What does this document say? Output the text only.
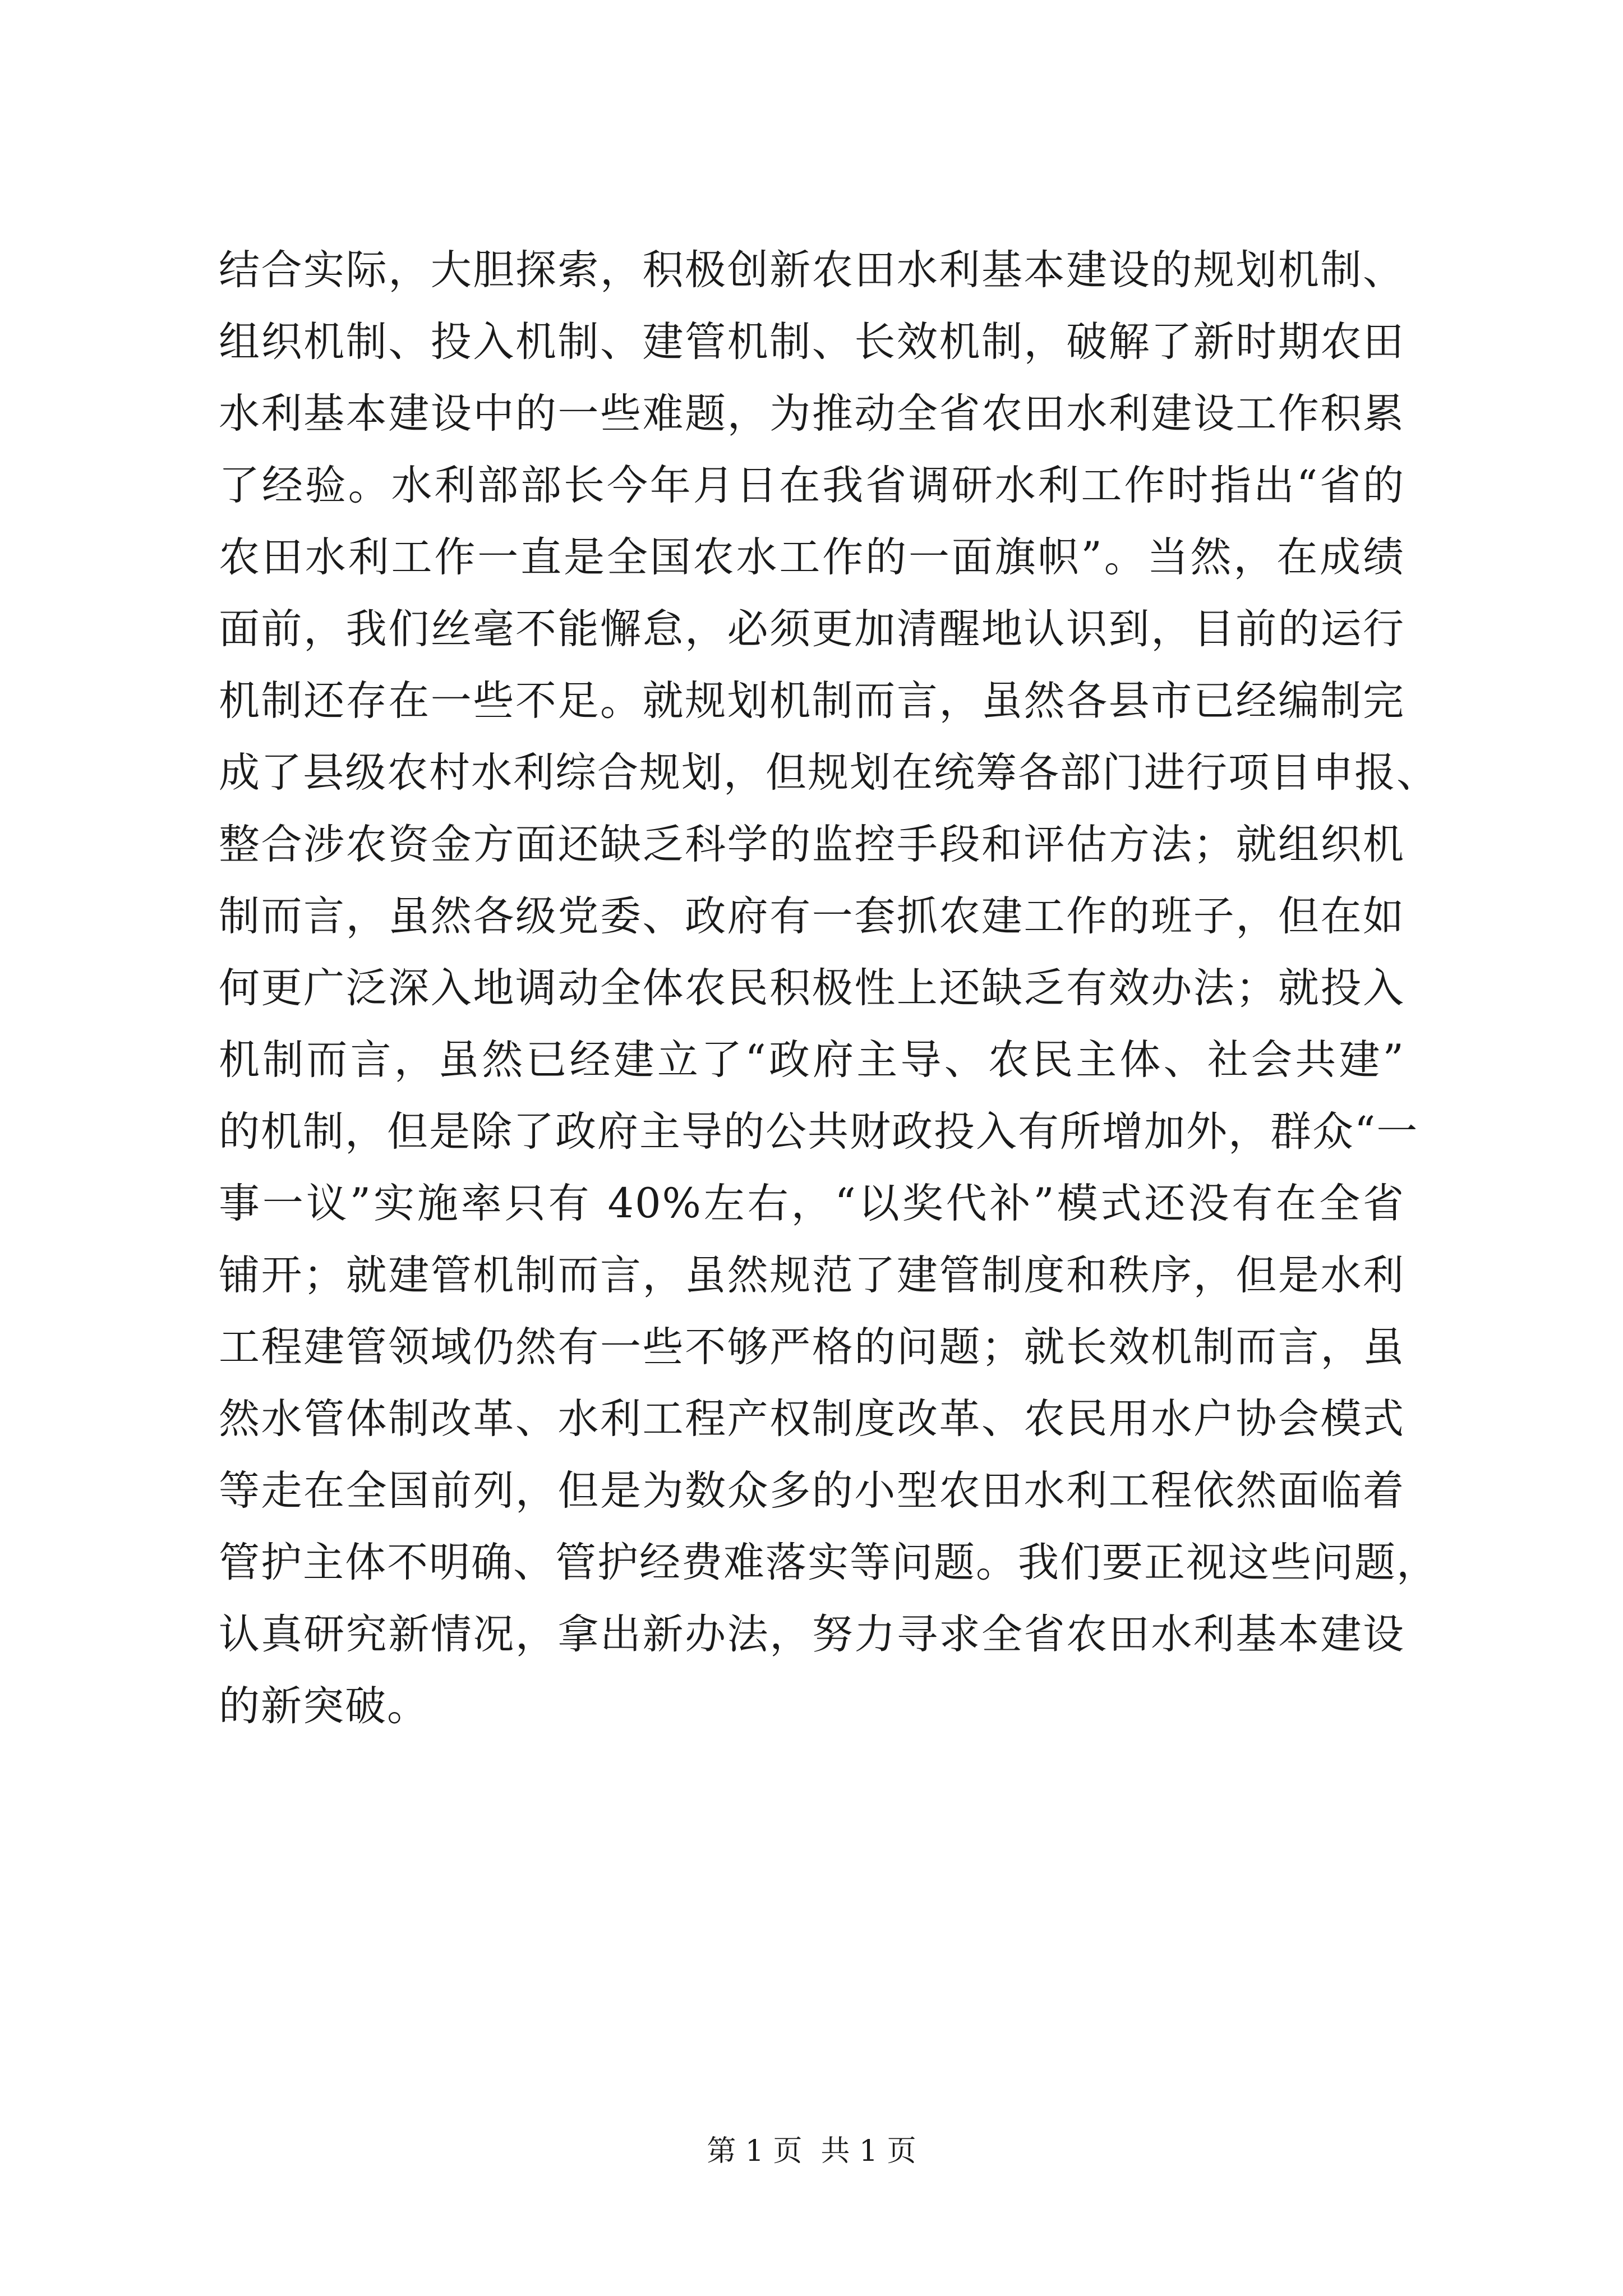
结合实际，大胆探索，积极创新农田水利基本建设的规划机制、
组织机制、投入机制、建管机制、长效机制，破解了新时期农田
水利基本建设中的一些难题，为推动全省农田水利建设工作积累
了经验。水利部部长今年月日在我省调研水利工作时指出“省的
农田水利工作一直是全国农水工作的一面旗帜”。当然，在成绩
面前，我们丝毫不能懈怠，必须更加清醒地认识到，目前的运行
机制还存在一些不足。就规划机制而言，虽然各县市已经编制完
成了县级农村水利综合规划，但规划在统筹各部门进行项目申报、
整合涉农资金方面还缺乏科学的监控手段和评估方法；就组织机
制而言，虽然各级党委、政府有一套抓农建工作的班子，但在如
何更广泛深入地调动全体农民积极性上还缺乏有效办法；就投入
机制而言，虽然已经建立了“政府主导、农民主体、社会共建”
的机制，但是除了政府主导的公共财政投入有所增加外，群众“一
事一议”实施率只有 40%左右，“以奖代补”模式还没有在全省
铺开；就建管机制而言，虽然规范了建管制度和秩序，但是水利
工程建管领域仍然有一些不够严格的问题；就长效机制而言，虽
然水管体制改革、水利工程产权制度改革、农民用水户协会模式
等走在全国前列，但是为数众多的小型农田水利工程依然面临着
管护主体不明确、管护经费难落实等问题。我们要正视这些问题，
认真研究新情况，拿出新办法，努力寻求全省农田水利基本建设
的新突破。
第 1 页  共 1 页
